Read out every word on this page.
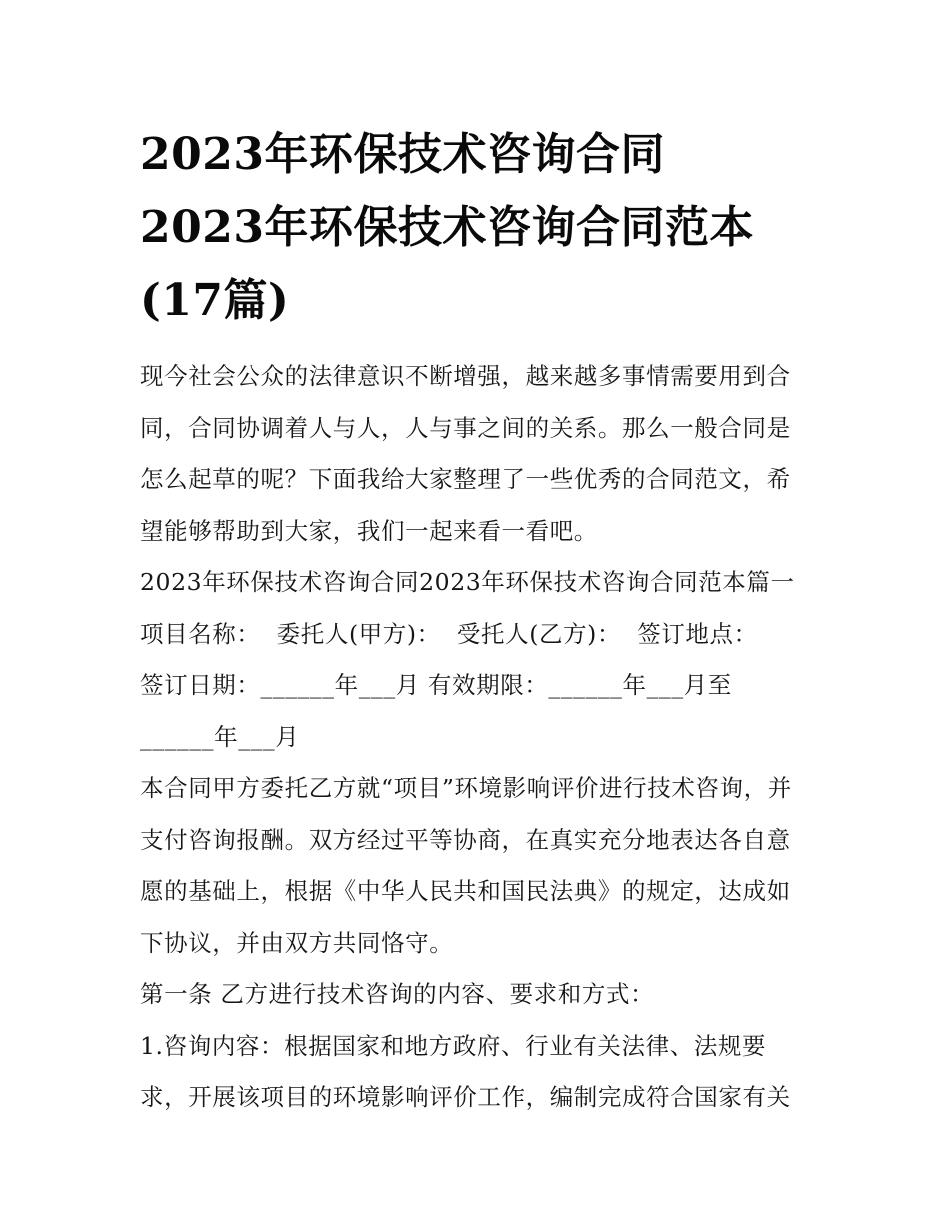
2023年环保技术咨询合同
2023年环保技术咨询合同范本
(17篇)

现今社会公众的法律意识不断增强，越来越多事情需要用到合
同，合同协调着人与人，人与事之间的关系。那么一般合同是
怎么起草的呢？下面我给大家整理了一些优秀的合同范文，希
望能够帮助到大家，我们一起来看一看吧。

2023年环保技术咨询合同2023年环保技术咨询合同范本篇一

项目名称：  委托人(甲方)：  受托人(乙方)：  签订地点：

签订日期：______年___月 有效期限：______年___月至
______年___月

本合同甲方委托乙方就“项目”环境影响评价进行技术咨询，并
支付咨询报酬。双方经过平等协商，在真实充分地表达各自意
愿的基础上，根据《中华人民共和国民法典》的规定，达成如
下协议，并由双方共同恪守。

第一条 乙方进行技术咨询的内容、要求和方式：

1.咨询内容：根据国家和地方政府、行业有关法律、法规要
求，开展该项目的环境影响评价工作，编制完成符合国家有关
